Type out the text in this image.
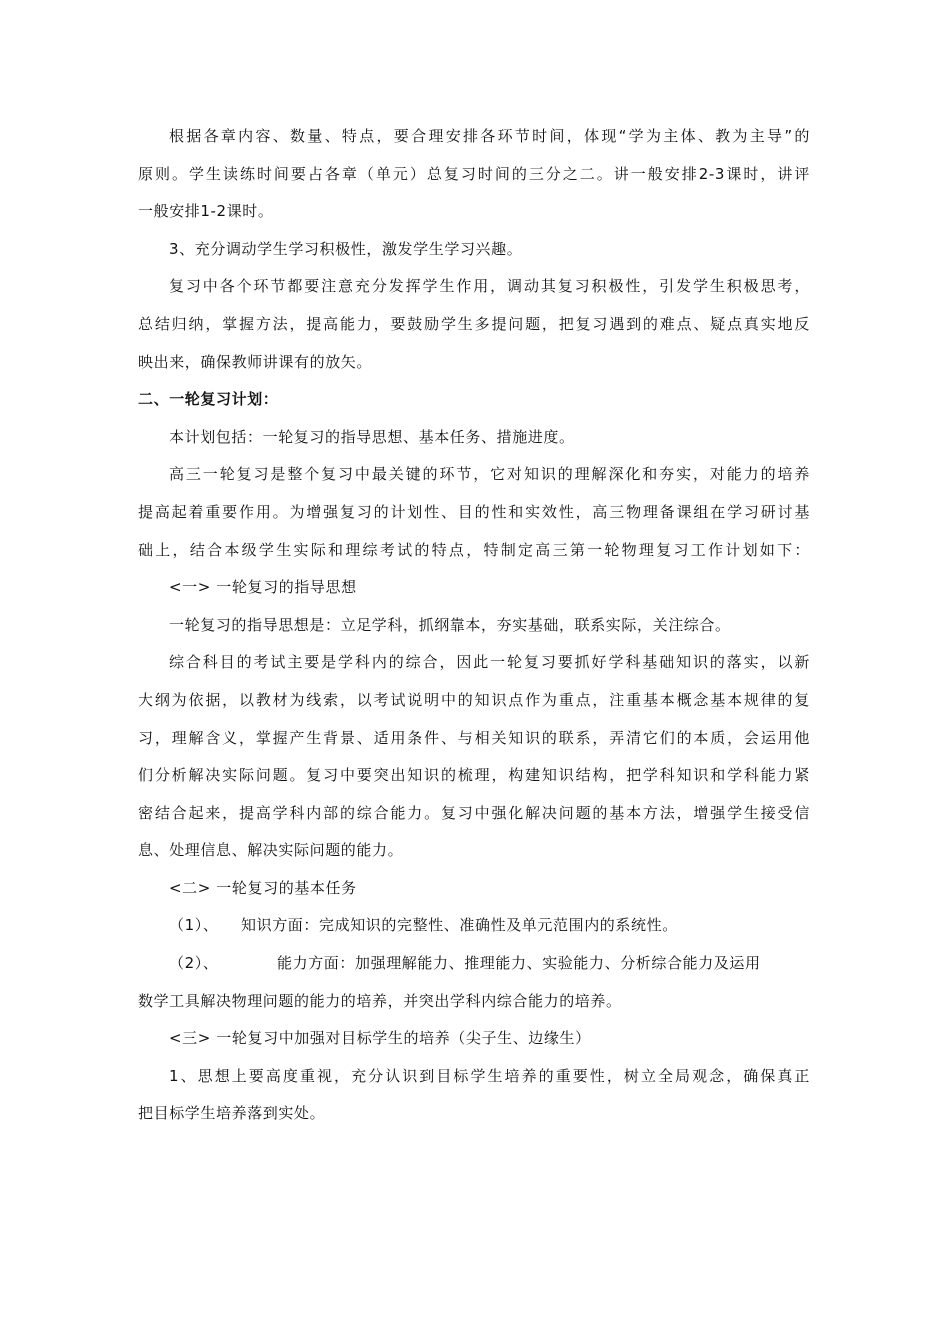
根据各章内容、数量、特点，要合理安排各环节时间，体现“学为主体、教为主导”的
原则。学生读练时间要占各章（单元）总复习时间的三分之二。讲一般安排2-3课时，讲评
一般安排1-2课时。
3、充分调动学生学习积极性，激发学生学习兴趣。
复习中各个环节都要注意充分发挥学生作用，调动其复习积极性，引发学生积极思考，
总结归纳，掌握方法，提高能力，要鼓励学生多提问题，把复习遇到的难点、疑点真实地反
映出来，确保教师讲课有的放矢。
二、一轮复习计划：
本计划包括：一轮复习的指导思想、基本任务、措施进度。
高三一轮复习是整个复习中最关键的环节，它对知识的理解深化和夯实，对能力的培养
提高起着重要作用。为增强复习的计划性、目的性和实效性，高三物理备课组在学习研讨基
础上，结合本级学生实际和理综考试的特点，特制定高三第一轮物理复习工作计划如下：
<一> 一轮复习的指导思想
一轮复习的指导思想是：立足学科，抓纲靠本，夯实基础，联系实际，关注综合。
综合科目的考试主要是学科内的综合，因此一轮复习要抓好学科基础知识的落实，以新
大纲为依据，以教材为线索，以考试说明中的知识点作为重点，注重基本概念基本规律的复
习，理解含义，掌握产生背景、适用条件、与相关知识的联系，弄清它们的本质，会运用他
们分析解决实际问题。复习中要突出知识的梳理，构建知识结构，把学科知识和学科能力紧
密结合起来，提高学科内部的综合能力。复习中强化解决问题的基本方法，增强学生接受信
息、处理信息、解决实际问题的能力。
<二> 一轮复习的基本任务
（1）、 知识方面：完成知识的完整性、准确性及单元范围内的系统性。
（2）、	能力方面：加强理解能力、推理能力、实验能力、分析综合能力及运用
数学工具解决物理问题的能力的培养，并突出学科内综合能力的培养。
<三> 一轮复习中加强对目标学生的培养（尖子生、边缘生）
1、思想上要高度重视，充分认识到目标学生培养的重要性，树立全局观念，确保真正
把目标学生培养落到实处。
